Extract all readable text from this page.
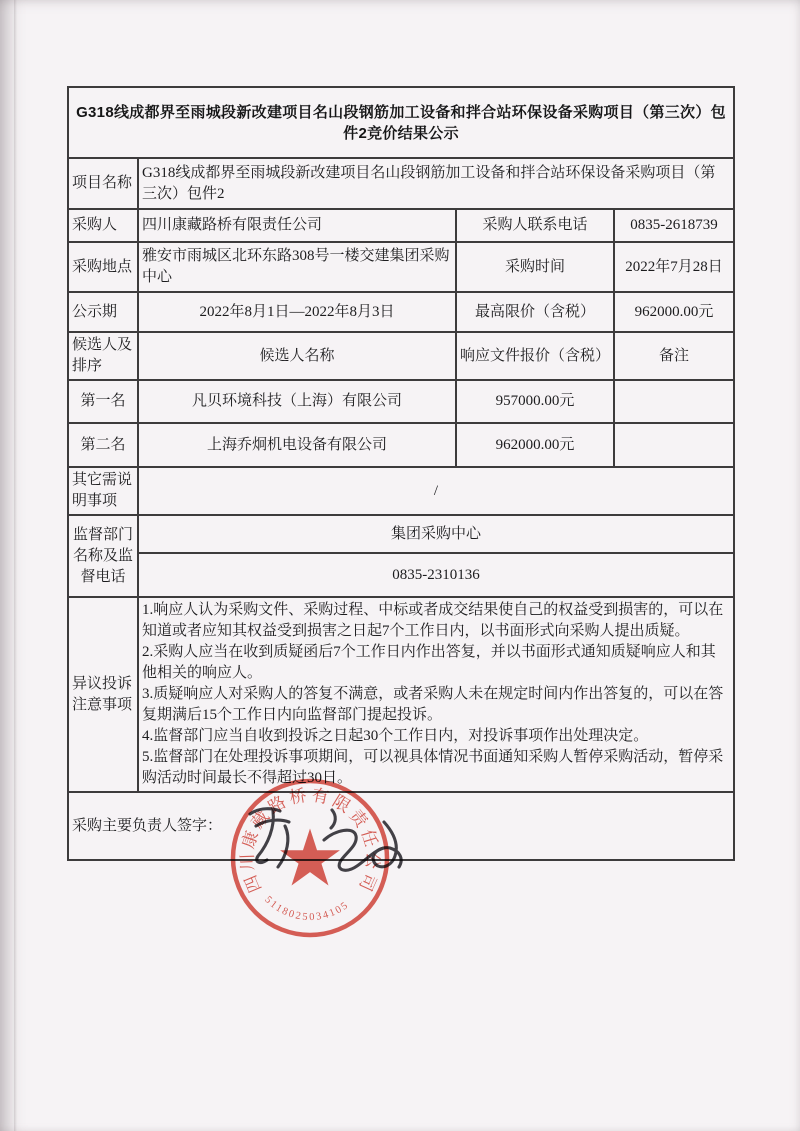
G318线成都界至雨城段新改建项目名山段钢筋加工设备和拌合站环保设备采购项目（第三次）包件2竞价结果公示			
项目名称	G318线成都界至雨城段新改建项目名山段钢筋加工设备和拌合站环保设备采购项目（第三次）包件2		
采购人	四川康藏路桥有限责任公司	采购人联系电话	0835-2618739
采购地点	雅安市雨城区北环东路308号一楼交建集团采购中心	采购时间	2022年7月28日
公示期	2022年8月1日—2022年8月3日	最高限价（含税）	962000.00元
候选人及排序	候选人名称	响应文件报价（含税）	备注
第一名	凡贝环境科技（上海）有限公司	957000.00元	
第二名	上海乔炯机电设备有限公司	962000.00元	
其它需说明事项	/		
监督部门名称及监督电话	集团采购中心		
	0835-2310136		
异议投诉注意事项	1.响应人认为采购文件、采购过程、中标或者成交结果使自己的权益受到损害的，可以在知道或者应知其权益受到损害之日起7个工作日内，以书面形式向采购人提出质疑。

2.采购人应当在收到质疑函后7个工作日内作出答复，并以书面形式通知质疑响应人和其他相关的响应人。

3.质疑响应人对采购人的答复不满意，或者采购人未在规定时间内作出答复的，可以在答复期满后15个工作日内向监督部门提起投诉。

4.监督部门应当自收到投诉之日起30个工作日内，对投诉事项作出处理决定。

5.监督部门在处理投诉事项期间，可以视具体情况书面通知采购人暂停采购活动，暂停采购活动时间最长不得超过30日。		

采购主要负责人签字：			
四川康藏路桥有限责任公司
5118025034105
